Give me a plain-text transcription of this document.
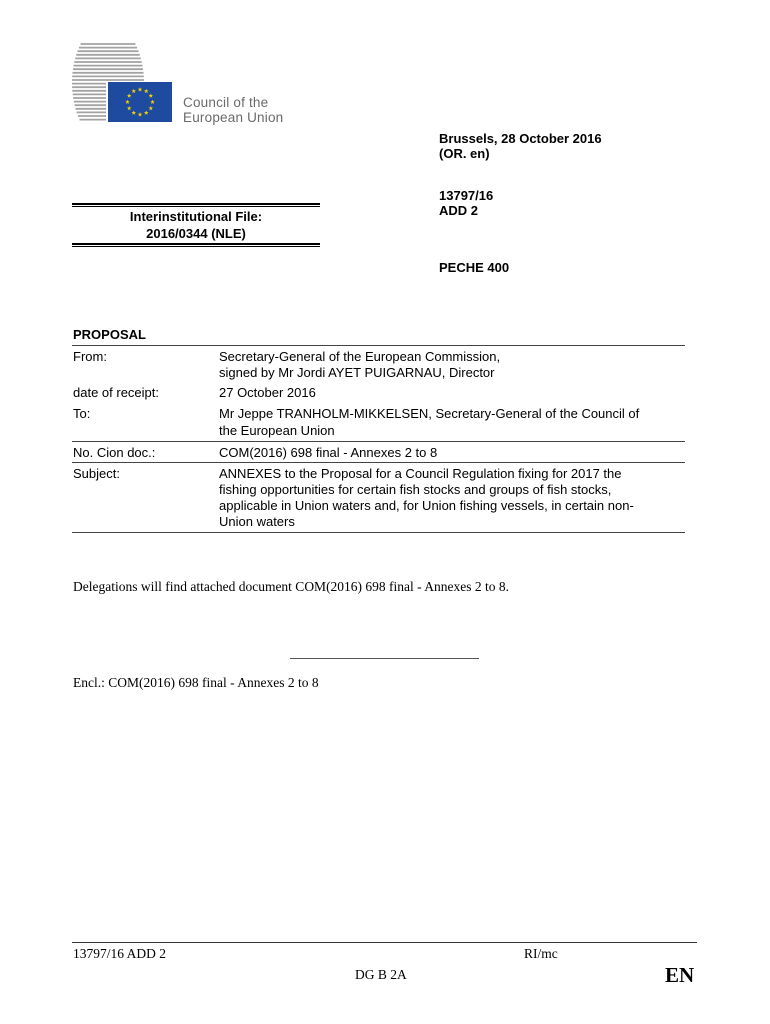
Council of the
European Union
Brussels, 28 October 2016
(OR. en)
13797/16
ADD 2
PECHE 400
Interinstitutional File:
2016/0344 (NLE)
PROPOSAL
From:	Secretary-General of the European Commission,
signed by Mr Jordi AYET PUIGARNAU, Director
date of receipt:	27 October 2016
To:	Mr Jeppe TRANHOLM-MIKKELSEN, Secretary-General of the Council of
the European Union
No. Cion doc.:	COM(2016) 698 final - Annexes 2 to 8
Subject:	ANNEXES to the Proposal for a Council Regulation fixing for 2017 the
fishing opportunities for certain fish stocks and groups of fish stocks,
applicable in Union waters and, for Union fishing vessels, in certain non-
Union waters
Delegations will find attached document COM(2016) 698 final - Annexes 2 to 8.
Encl.: COM(2016) 698 final - Annexes 2 to 8
13797/16 ADD 2	RI/mc
DG B 2A	EN
